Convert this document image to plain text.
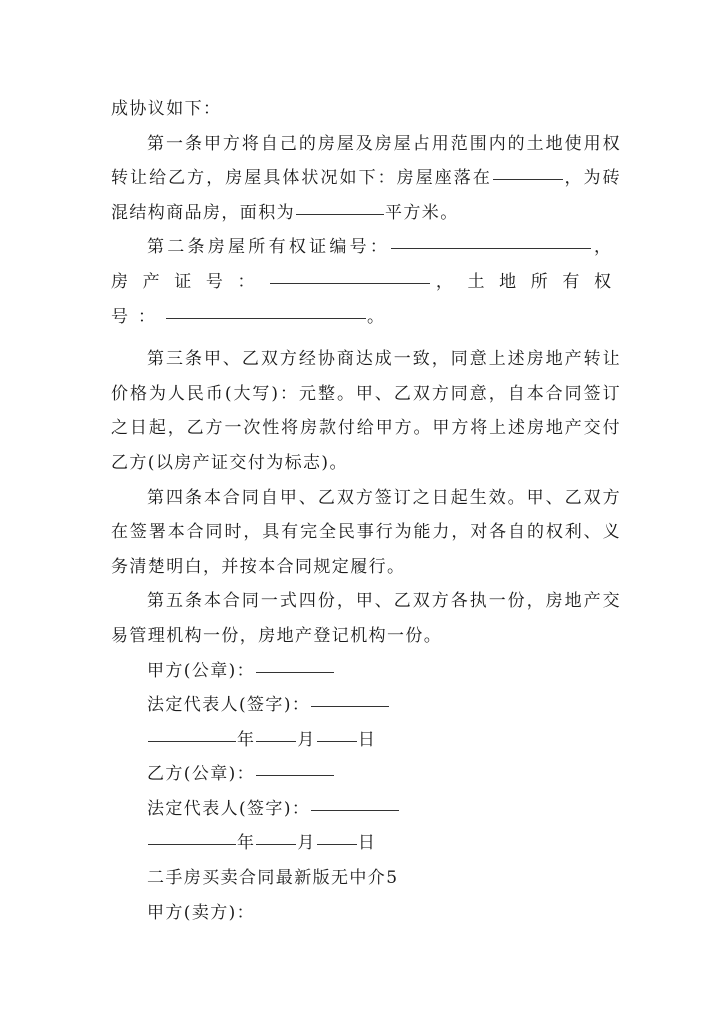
成协议如下：

第一条甲方将自己的房屋及房屋占用范围内的土地使用权转让给乙方，房屋具体状况如下：房屋座落在	，为砖混结构商品房，面积为	平方米。

第二条房屋所有权证编号：	，房产证号：	，土地所有权号：	。

第三条甲、乙双方经协商达成一致，同意上述房地产转让价格为人民币(大写)：元整。甲、乙双方同意，自本合同签订之日起，乙方一次性将房款付给甲方。甲方将上述房地产交付乙方(以房产证交付为标志)。

第四条本合同自甲、乙双方签订之日起生效。甲、乙双方在签署本合同时，具有完全民事行为能力，对各自的权利、义务清楚明白，并按本合同规定履行。

第五条本合同一式四份，甲、乙双方各执一份，房地产交易管理机构一份，房地产登记机构一份。

甲方(公章)：

法定代表人(签字)：

年 月 日

乙方(公章)：

法定代表人(签字)：

年 月 日

二手房买卖合同最新版无中介5

甲方(卖方)：
